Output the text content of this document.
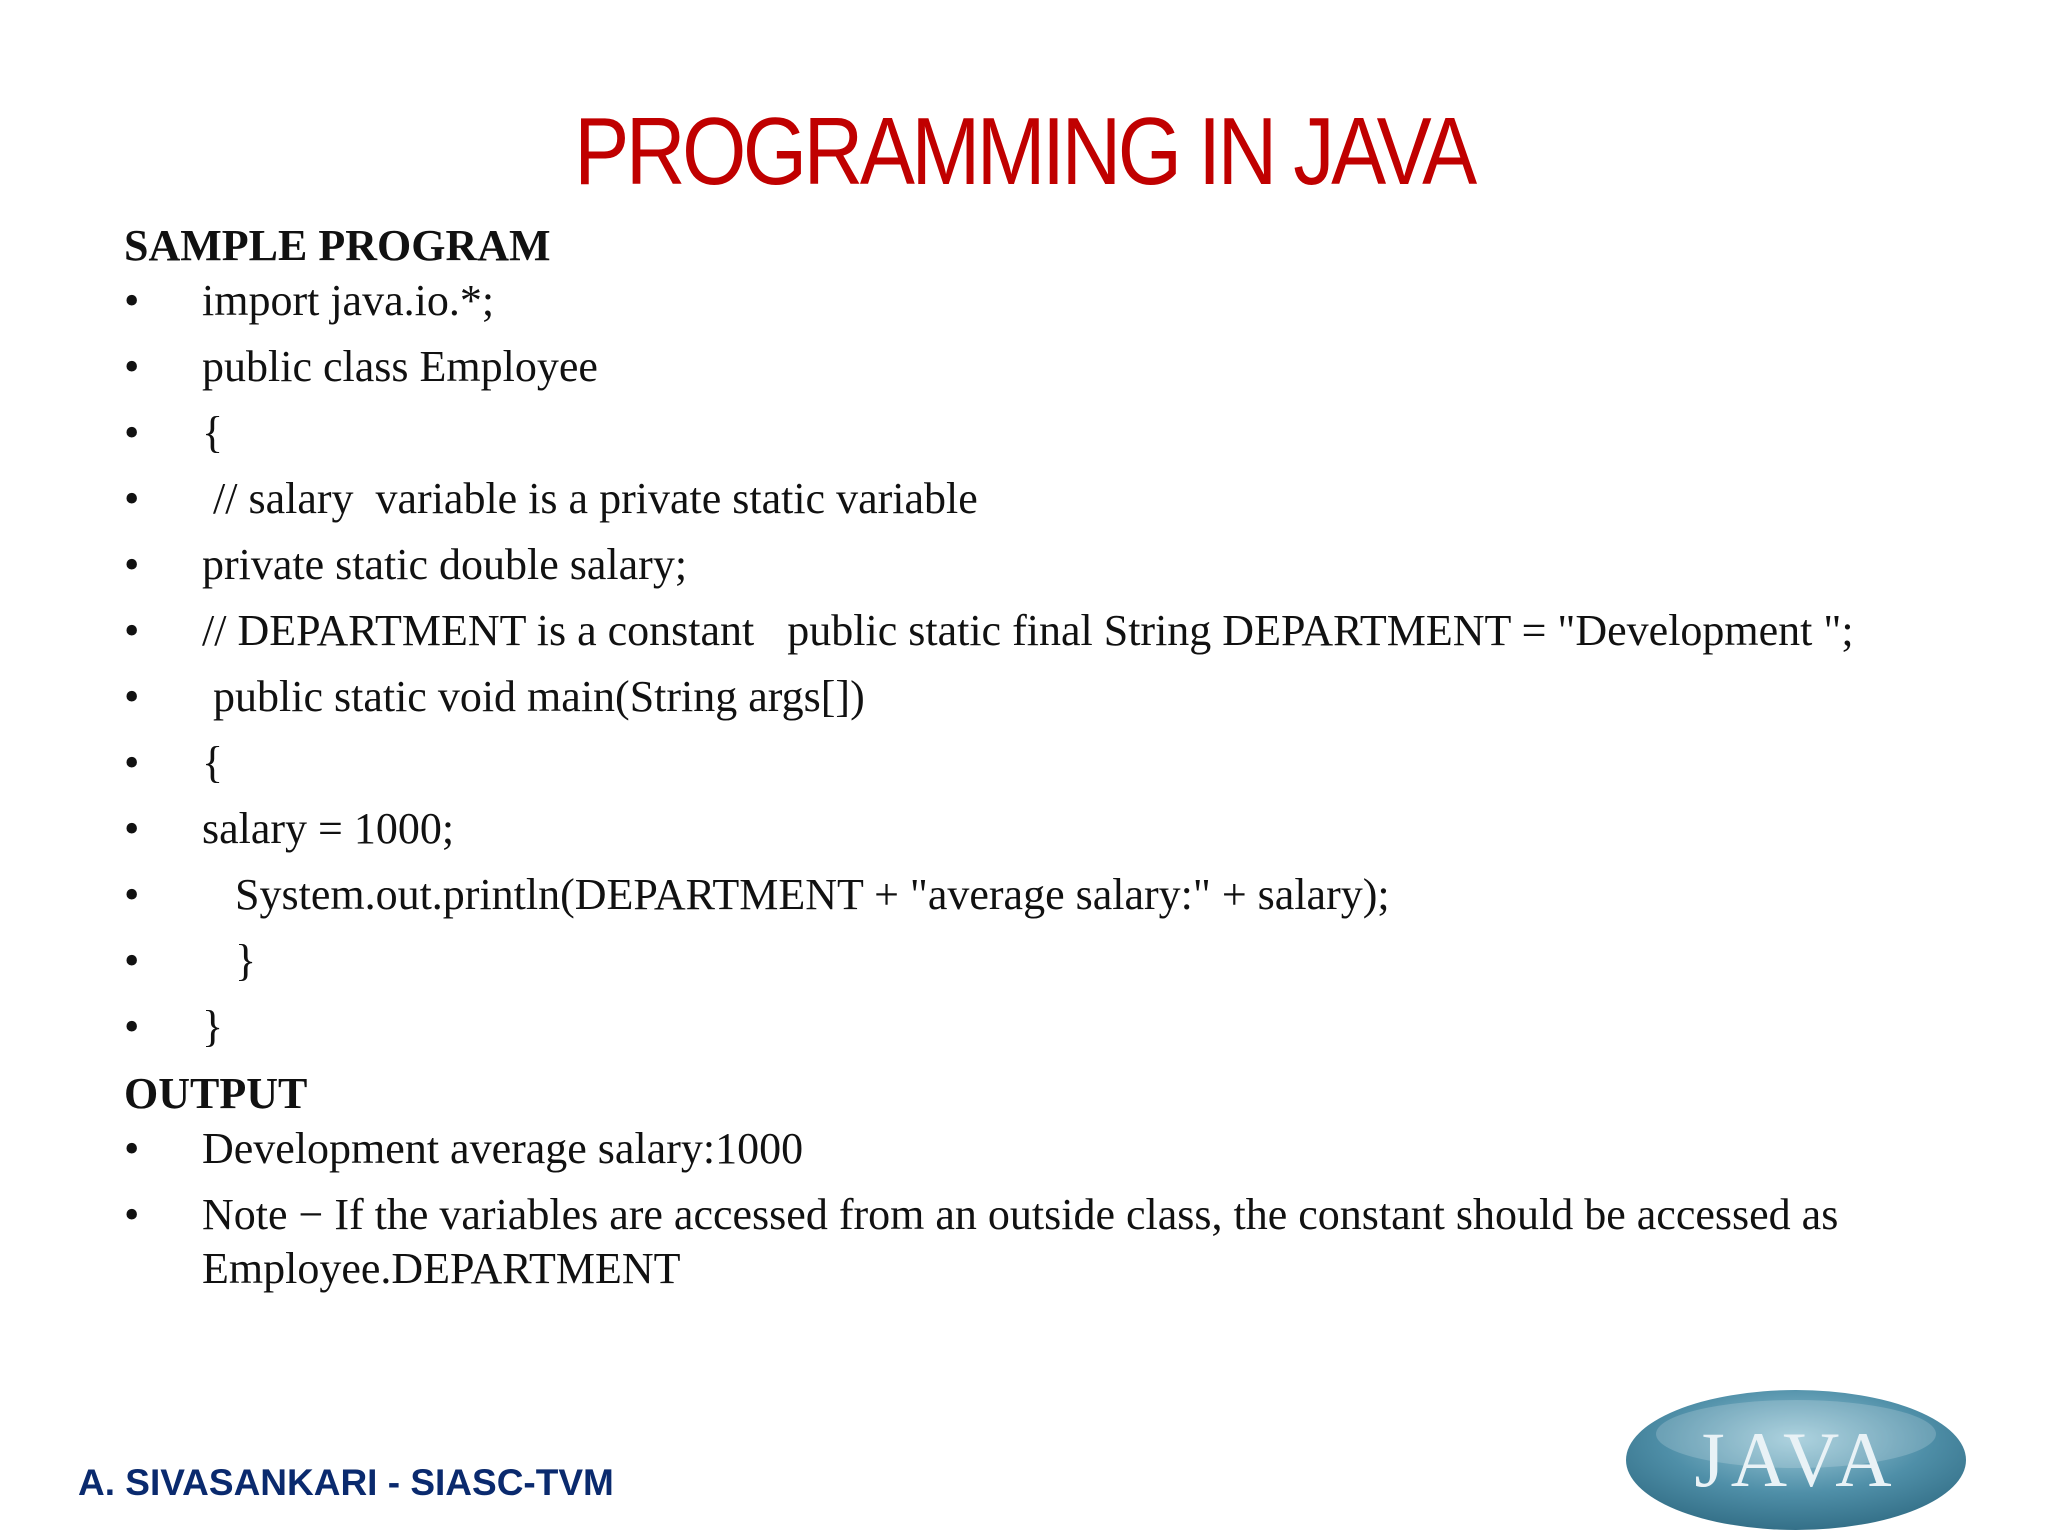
PROGRAMMING IN JAVA

SAMPLE PROGRAM

• import java.io.*;
• public class Employee
• {
• // salary  variable is a private static variable
• private static double salary;
• // DEPARTMENT is a constant   public static final String DEPARTMENT = "Development ";
• public static void main(String args[])
• {
• salary = 1000;
• System.out.println(DEPARTMENT + "average salary:" + salary);
• }
• }

OUTPUT

• Development average salary:1000
• Note − If the variables are accessed from an outside class, the constant should be accessed as Employee.DEPARTMENT

A. SIVASANKARI - SIASC-TVM	JAVA
